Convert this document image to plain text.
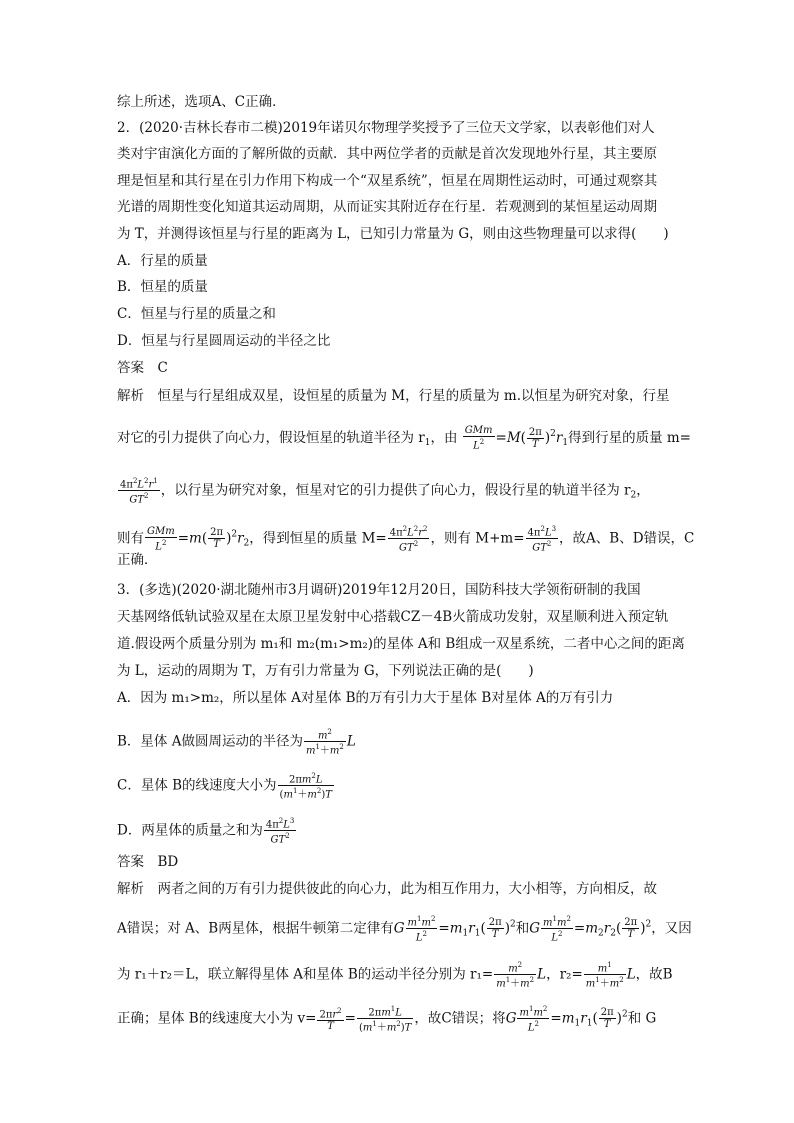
综上所述，选项A、C正确．
2．(2020·吉林长春市二模)2019年诺贝尔物理学奖授予了三位天文学家，以表彰他们对人
类对宇宙演化方面的了解所做的贡献．其中两位学者的贡献是首次发现地外行星，其主要原
理是恒星和其行星在引力作用下构成一个“双星系统”，恒星在周期性运动时，可通过观察其
光谱的周期性变化知道其运动周期，从而证实其附近存在行星．若观测到的某恒星运动周期
为 T，并测得该恒星与行星的距离为 L，已知引力常量为 G，则由这些物理量可以求得(　　)
A．行星的质量
B．恒星的质量
C．恒星与行星的质量之和
D．恒星与行星圆周运动的半径之比
答案　C
解析　恒星与行星组成双星，设恒星的质量为 M，行星的质量为 m.以恒星为研究对象，行星
对它的引力提供了向心力，假设恒星的轨道半径为 $r_1$，由 $\frac{\text{GMm}}{L^2} =M( \frac{2\pi}{T} )^2r_1$得到行星的质量 m=
$\frac{4\pi^2L^2r^1}{GT^2}$ ，以行星为研究对象，恒星对它的引力提供了向心力，假设行星的轨道半径为 $r_2$，
则有 $\frac{\text{GMm}}{L^2} =m( \frac{2\pi}{T} )^2r_2$，得到恒星的质量 $M= \frac{4\pi^2L^2r^2}{GT^2}$ ，则有 $M+m= \frac{4\pi^2L^3}{GT^2}$ ，故A、B、D错误，C
正确．
3．(多选)(2020·湖北随州市3月调研)2019年12月20日，国防科技大学领衔研制的我国
天基网络低轨试验双星在太原卫星发射中心搭载CZ－4B火箭成功发射，双星顺利进入预定轨
道.假设两个质量分别为 m₁和 m₂(m₁>m₂)的星体 A和 B组成一双星系统，二者中心之间的距离
为 L，运动的周期为 T，万有引力常量为 G，下列说法正确的是(　　)
A．因为 m₁>m₂，所以星体 A对星体 B的万有引力大于星体 B对星体 A的万有引力
B．星体 A做圆周运动的半径为 $\frac{m^2}{m^1+m^2}$ L
C．星体 B的线速度大小为 $\frac{2\pi m^2L}{(m^1+m^2)T}$
D．两星体的质量之和为 $\frac{4\pi^2L^3}{GT^2}$
答案　BD
解析　两者之间的万有引力提供彼此的向心力，此为相互作用力，大小相等，方向相反，故
A错误；对 A、B两星体，根据牛顿第二定律有G $\frac{m^1m^2}{L^2} =m_1r_1( \frac{2\pi}{T} )^2$和G $\frac{m^1m^2}{L^2} =m_2r_2( \frac{2\pi}{T} )^2$，又因
为 r₁＋r₂＝L，联立解得星体 A和星体 B的运动半径分别为 $r_1= \frac{m^2}{m^1+m^2}$ L，$r_2= \frac{m^1}{m^1+m^2}$ L，故B
正确；星体 B的线速度大小为 $v= \frac{2\pi r^2}{T} = \frac{2\pi m^1L}{(m^1+m^2)T}$ ，故C错误；将G $\frac{m^1m^2}{L^2} =m_1r_1( \frac{2\pi}{T} )^2$和 G
